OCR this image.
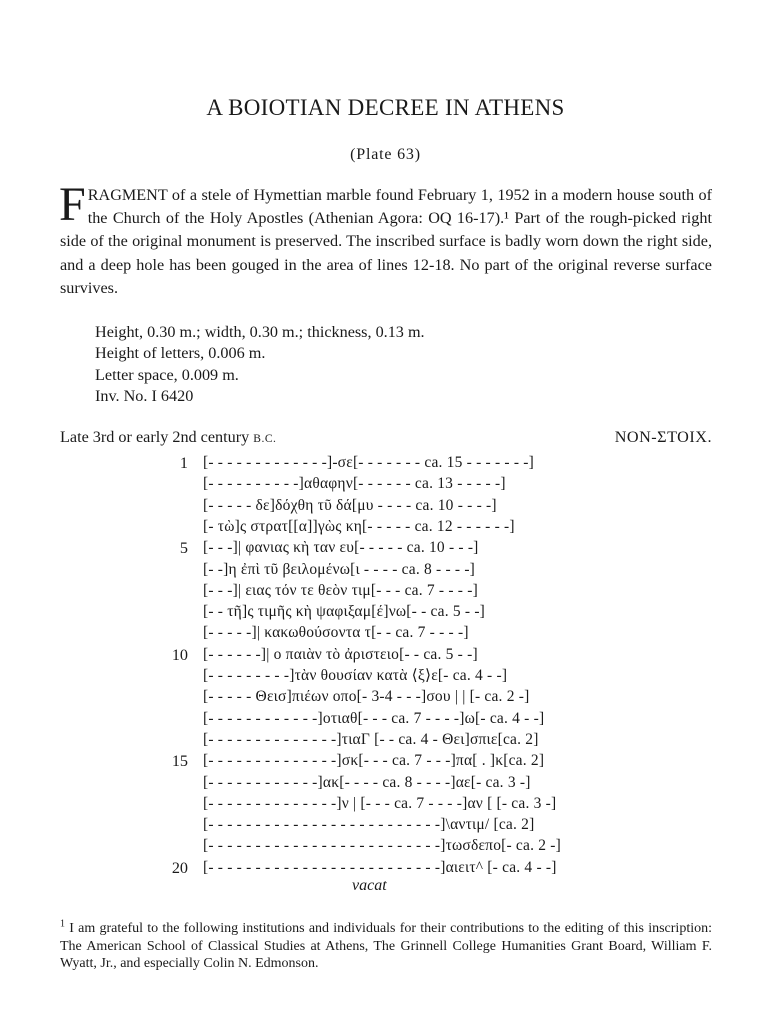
A BOIOTIAN DECREE IN ATHENS
(Plate 63)
FRAGMENT of a stele of Hymettian marble found February 1, 1952 in a modern house south of the Church of the Holy Apostles (Athenian Agora: OQ 16-17).¹ Part of the rough-picked right side of the original monument is preserved. The inscribed surface is badly worn down the right side, and a deep hole has been gouged in the area of lines 12-18. No part of the original reverse surface survives.
Height, 0.30 m.; width, 0.30 m.; thickness, 0.13 m.
Height of letters, 0.006 m.
Letter space, 0.009 m.
Inv. No. I 6420
Late 3rd or early 2nd century B.C.	NON-ΣΤΟΙΧ.
1 [- - - - - - - - - - - - -]-σε[- - - - - - - ca. 15 - - - - - - -]
[- - - - - - - - - -]αθαφην[- - - - - - ca. 13 - - - - -]
[- - - - - δε]δόχθη τῦ δά[μυ - - - - ca. 10 - - - -]
[- τὼ]ς στρατ[[α]]γὼς κη[- - - - - ca. 12 - - - - - -]
5 [- - -]| φανιας κὴ ταν ευ[- - - - - ca. 10 - - -]
[- -]η ἐπὶ τῦ βειλομένω[ι - - - - ca. 8 - - - -]
[- - -]| ειας τόν τε θεὸν τιμ[- - - ca. 7 - - - -]
[- - τῆ]ς τιμῆς κὴ ψαφιξαμ[έ]νω[- - ca. 5 - -]
[- - - - -]| κακωθούσοντα τ[- - ca. 7 - - - -]
10 [- - - - - -]| ο παιὰν τὸ ἀριστειο[- - ca. 5 - -]
[- - - - - - - - -]τὰν θουσίαν κατὰ ⟨ξ⟩ε[- ca. 4 - -]
[- - - - - Θεισ]πιέων οπο[- 3-4 - - -]σου | | [- ca. 2 -]
[- - - - - - - - - - - -]οτιαθ[- - - ca. 7 - - - -]ω[- ca. 4 - -]
[- - - - - - - - - - - - - -]τιαΓ [- - ca. 4 - Θει]σπιε[ca. 2]
15 [- - - - - - - - - - - - - -]σκ[- - - ca. 7 - - -]πα[ . ]κ[ca. 2]
[- - - - - - - - - - - -]ακ[- - - - ca. 8 - - - -]αε[- ca. 3 -]
[- - - - - - - - - - - - - -]ν | [- - - ca. 7 - - - -]αν [ [- ca. 3 -]
[- - - - - - - - - - - - - - - - - - - - - - - - -]\αντιμ/ [ca. 2]
[- - - - - - - - - - - - - - - - - - - - - - - - -]τωσδεπο[- ca. 2 -]
20 [- - - - - - - - - - - - - - - - - - - - - - - - -]αιειτ^ [- ca. 4 - -]
vacat
$^1$ I am grateful to the following institutions and individuals for their contributions to the editing of this inscription: The American School of Classical Studies at Athens, The Grinnell College Humanities Grant Board, William F. Wyatt, Jr., and especially Colin N. Edmonson.
